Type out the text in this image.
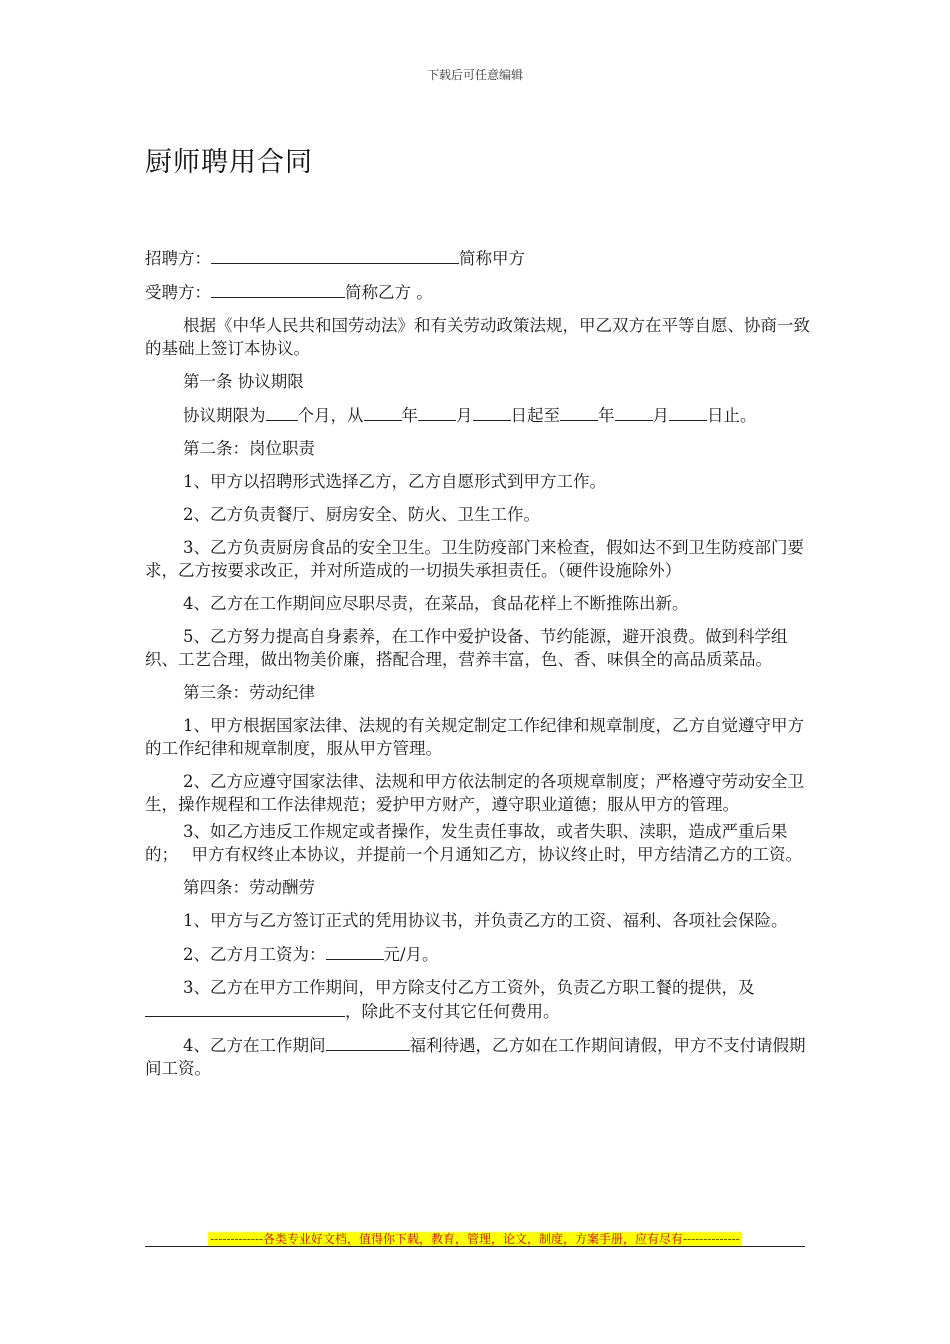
下载后可任意编辑
厨师聘用合同

招聘方：	简称甲方

受聘方：	简称乙方 。

根据《中华人民共和国劳动法》和有关劳动政策法规，甲乙双方在平等自愿、协商一致的基础上签订本协议。

第一条 协议期限

协议期限为 个月，从 年 月 日起至 年 月 日止。

第二条：岗位职责

1、甲方以招聘形式选择乙方，乙方自愿形式到甲方工作。

2、乙方负责餐厅、厨房安全、防火、卫生工作。

3、乙方负责厨房食品的安全卫生。卫生防疫部门来检查，假如达不到卫生防疫部门要求，乙方按要求改正，并对所造成的一切损失承担责任。（硬件设施除外）

4、乙方在工作期间应尽职尽责，在菜品，食品花样上不断推陈出新。

5、乙方努力提高自身素养，在工作中爱护设备、节约能源，避开浪费。做到科学组织、工艺合理，做出物美价廉，搭配合理，营养丰富，色、香、味俱全的高品质菜品。

第三条：劳动纪律

1、甲方根据国家法律、法规的有关规定制定工作纪律和规章制度，乙方自觉遵守甲方的工作纪律和规章制度，服从甲方管理。

2、乙方应遵守国家法律、法规和甲方依法制定的各项规章制度；严格遵守劳动安全卫生，操作规程和工作法律规范；爱护甲方财产，遵守职业道德；服从甲方的管理。

3、如乙方违反工作规定或者操作，发生责任事故，或者失职、渎职，造成严重后果的；　 甲方有权终止本协议，并提前一个月通知乙方，协议终止时，甲方结清乙方的工资。

第四条：劳动酬劳

1、甲方与乙方签订正式的凭用协议书，并负责乙方的工资、福利、各项社会保险。

2、乙方月工资为：	元/月。

3、乙方在甲方工作期间，甲方除支付乙方工资外，负责乙方职工餐的提供，及，除此不支付其它任何费用。

4、乙方在工作期间	福利待遇，乙方如在工作期间请假，甲方不支付请假期间工资。

-------------各类专业好文档，值得你下载，教育，管理，论文，制度，方案手册，应有尽有--------------
